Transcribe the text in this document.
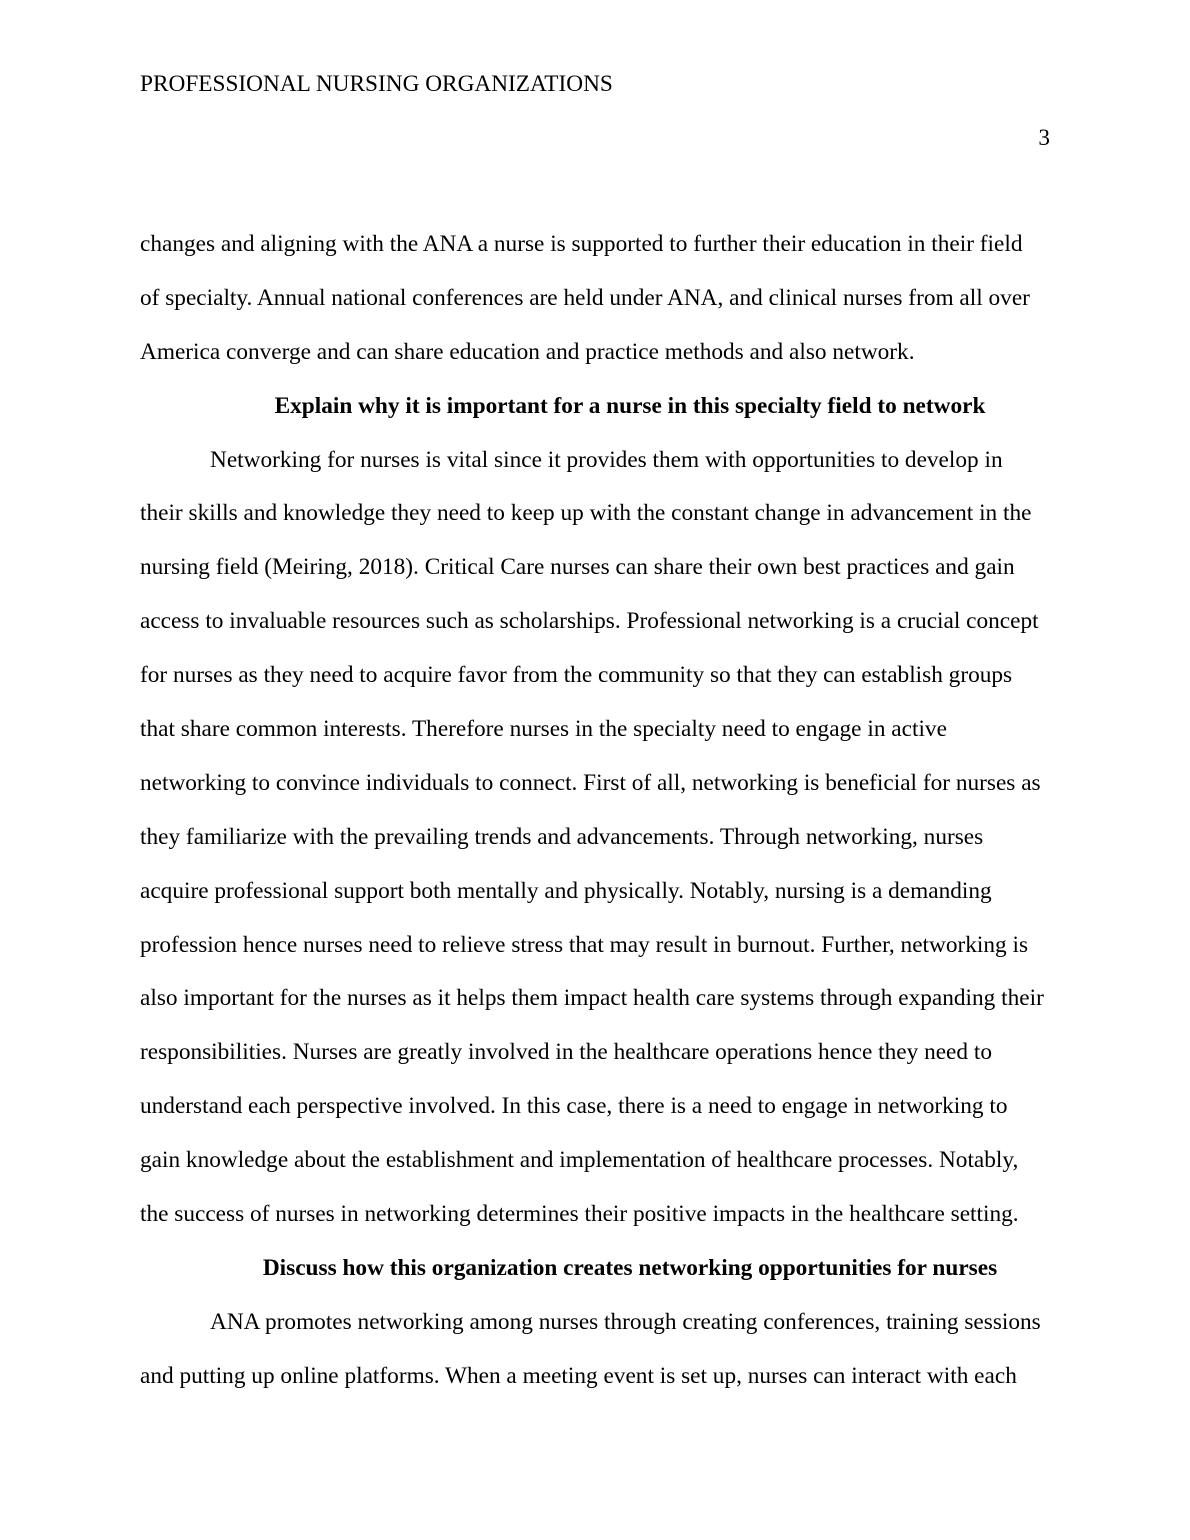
PROFESSIONAL NURSING ORGANIZATIONS
3
changes and aligning with the ANA a nurse is supported to further their education in their field
of specialty. Annual national conferences are held under ANA, and clinical nurses from all over
America converge and can share education and practice methods and also network.
Explain why it is important for a nurse in this specialty field to network
Networking for nurses is vital since it provides them with opportunities to develop in
their skills and knowledge they need to keep up with the constant change in advancement in the
nursing field (Meiring, 2018). Critical Care nurses can share their own best practices and gain
access to invaluable resources such as scholarships. Professional networking is a crucial concept
for nurses as they need to acquire favor from the community so that they can establish groups
that share common interests. Therefore nurses in the specialty need to engage in active
networking to convince individuals to connect. First of all, networking is beneficial for nurses as
they familiarize with the prevailing trends and advancements. Through networking, nurses
acquire professional support both mentally and physically. Notably, nursing is a demanding
profession hence nurses need to relieve stress that may result in burnout. Further, networking is
also important for the nurses as it helps them impact health care systems through expanding their
responsibilities. Nurses are greatly involved in the healthcare operations hence they need to
understand each perspective involved. In this case, there is a need to engage in networking to
gain knowledge about the establishment and implementation of healthcare processes. Notably,
the success of nurses in networking determines their positive impacts in the healthcare setting.
Discuss how this organization creates networking opportunities for nurses
ANA promotes networking among nurses through creating conferences, training sessions
and putting up online platforms. When a meeting event is set up, nurses can interact with each
